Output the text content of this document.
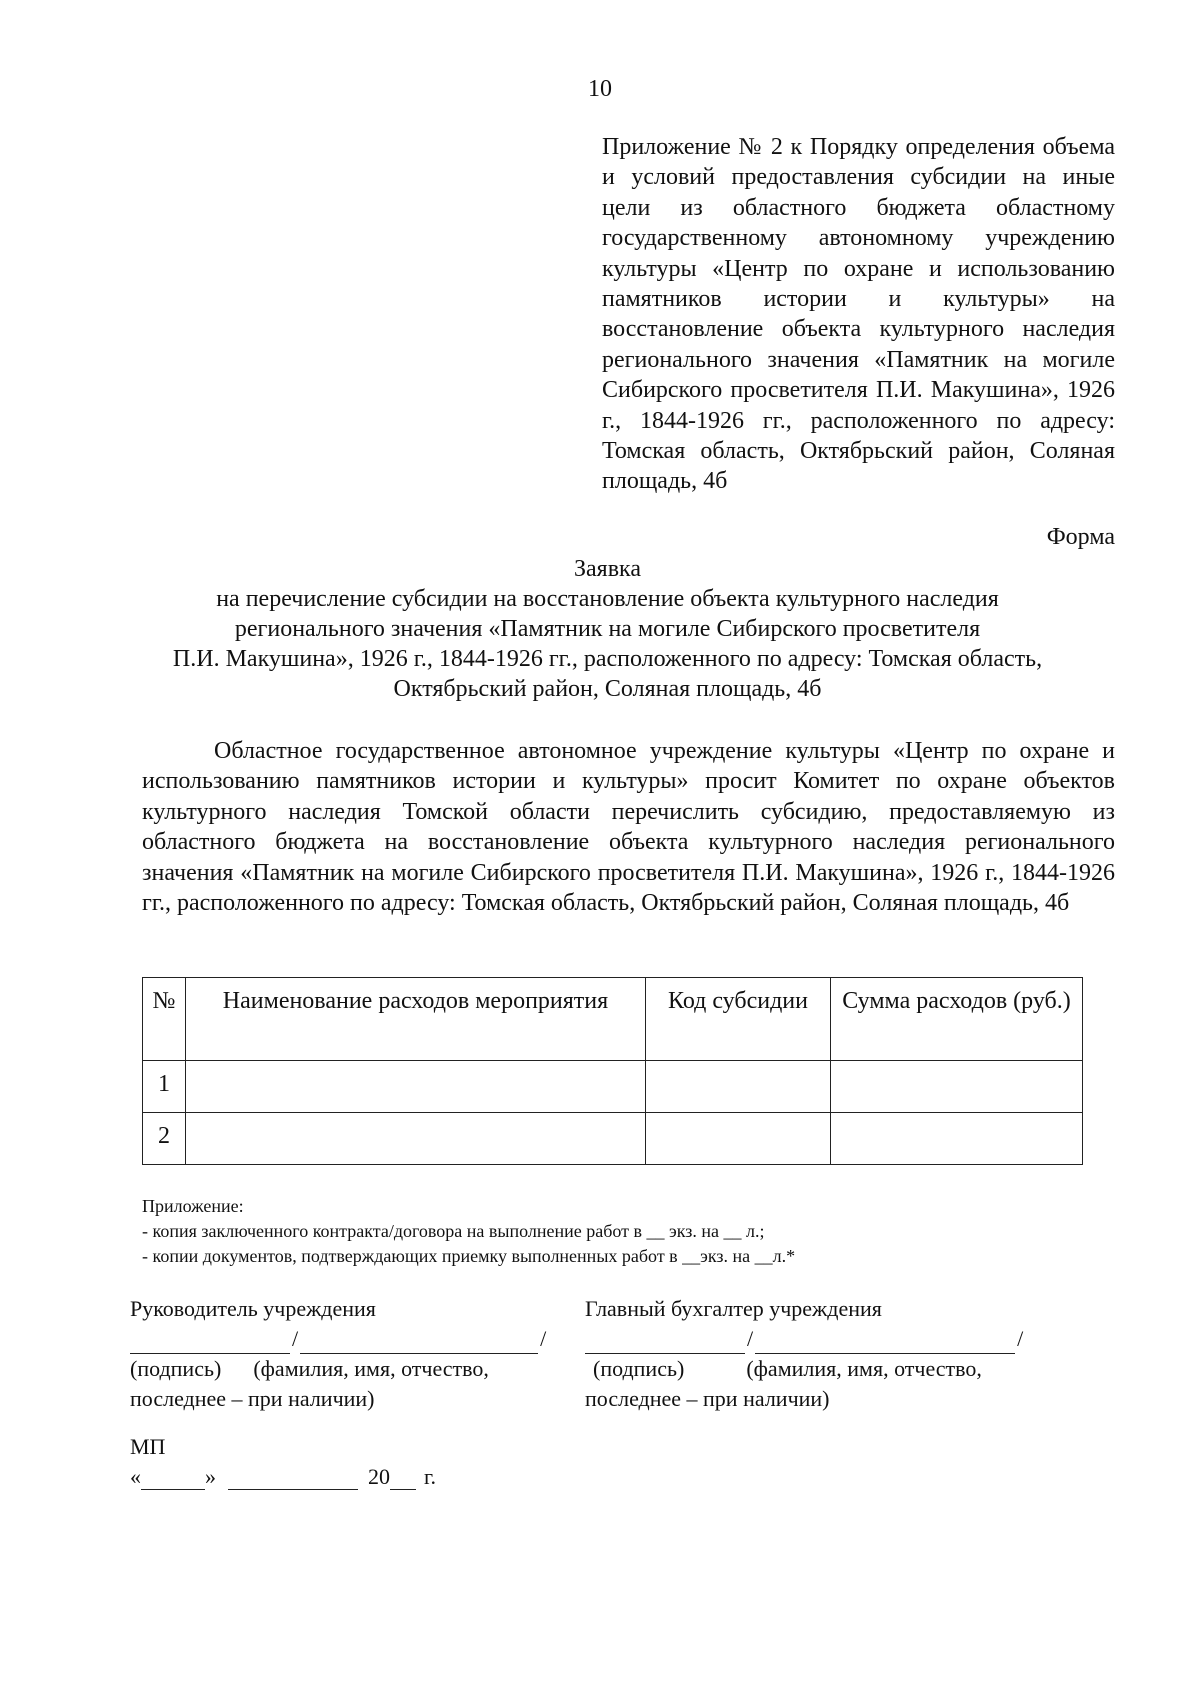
10
Приложение № 2 к Порядку определения объема и условий предоставления субсидии на иные цели из областного бюджета областному государственному автономному учреждению культуры «Центр по охране и использованию памятников истории и культуры» на восстановление объекта культурного наследия регионального значения «Памятник на могиле Сибирского просветителя П.И. Макушина», 1926 г., 1844-1926 гг., расположенного по адресу: Томская область, Октябрьский район, Соляная площадь, 4б
Форма
Заявка
на перечисление субсидии на восстановление объекта культурного наследия
регионального значения «Памятник на могиле Сибирского просветителя
П.И. Макушина», 1926 г., 1844-1926 гг., расположенного по адресу: Томская область,
Октябрьский район, Соляная площадь, 4б
Областное государственное автономное учреждение культуры «Центр по охране и использованию памятников истории и культуры» просит Комитет по охране объектов культурного наследия Томской области перечислить субсидию, предоставляемую из областного бюджета на восстановление объекта культурного наследия регионального значения «Памятник на могиле Сибирского просветителя П.И. Макушина», 1926 г., 1844-1926 гг., расположенного по адресу: Томская область, Октябрьский район, Соляная площадь, 4б
№	Наименование расходов мероприятия	Код субсидии	Сумма расходов (руб.)
1			
2			
Приложение:
- копия заключенного контракта/договора на выполнение работ в __ экз. на __ л.;
- копии документов, подтверждающих приемку выполненных работ в __экз. на __л.*
Руководитель учреждения
/	/
(подпись) (фамилия, имя, отчество,
последнее – при наличии)
Главный бухгалтер учреждения
/	/
(подпись)	(фамилия, имя, отчество,
последнее – при наличии)
МП
«	»	20 г.
